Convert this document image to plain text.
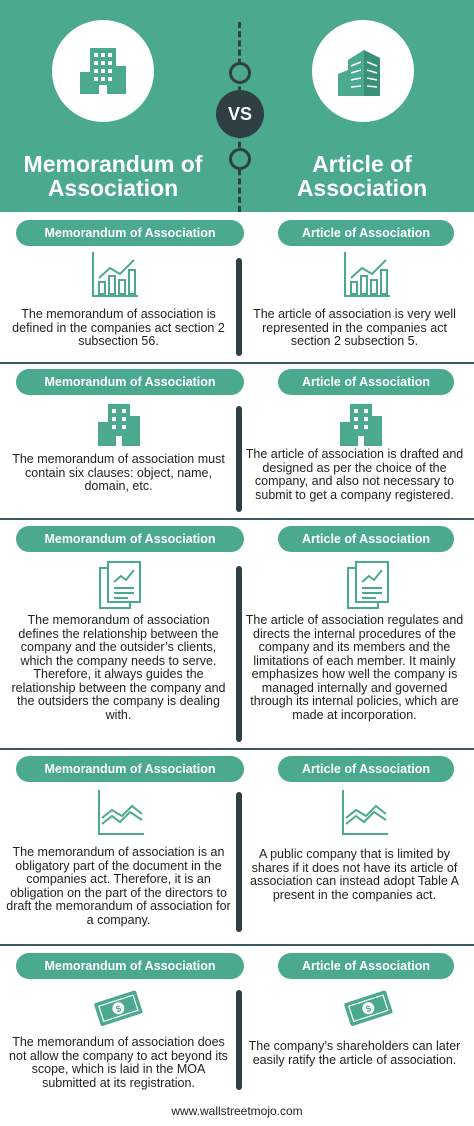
Memorandum of
Association
Article of
Association
VS
Memorandum of Association	Article of Association
The memorandum of association is defined in the companies act section 2 subsection 56.
The article of association is very well represented in the companies act section 2 subsection 5.
Memorandum of Association	Article of Association
The memorandum of association must contain six clauses: object, name, domain, etc.
The article of association is drafted and designed as per the choice of the company, and also not necessary to submit to get a company registered.
Memorandum of Association	Article of Association
The memorandum of association defines the relationship between the company and the outsider’s clients, which the company needs to serve. Therefore, it always guides the relationship between the company and the outsiders the company is dealing with.
The article of association regulates and directs the internal procedures of the company and its members and the limitations of each member. It mainly emphasizes how well the company is managed internally and governed through its internal policies, which are made at incorporation.
Memorandum of Association	Article of Association
The memorandum of association is an obligatory part of the document in the companies act. Therefore, it is an obligation on the part of the directors to draft the memorandum of association for a company.
A public company that is limited by shares if it does not have its article of association can instead adopt Table A present in the companies act.
Memorandum of Association	Article of Association
$	$
The memorandum of association does not allow the company to act beyond its scope, which is laid in the MOA submitted at its registration.
The company’s shareholders can later easily ratify the article of association.
www.wallstreetmojo.com
